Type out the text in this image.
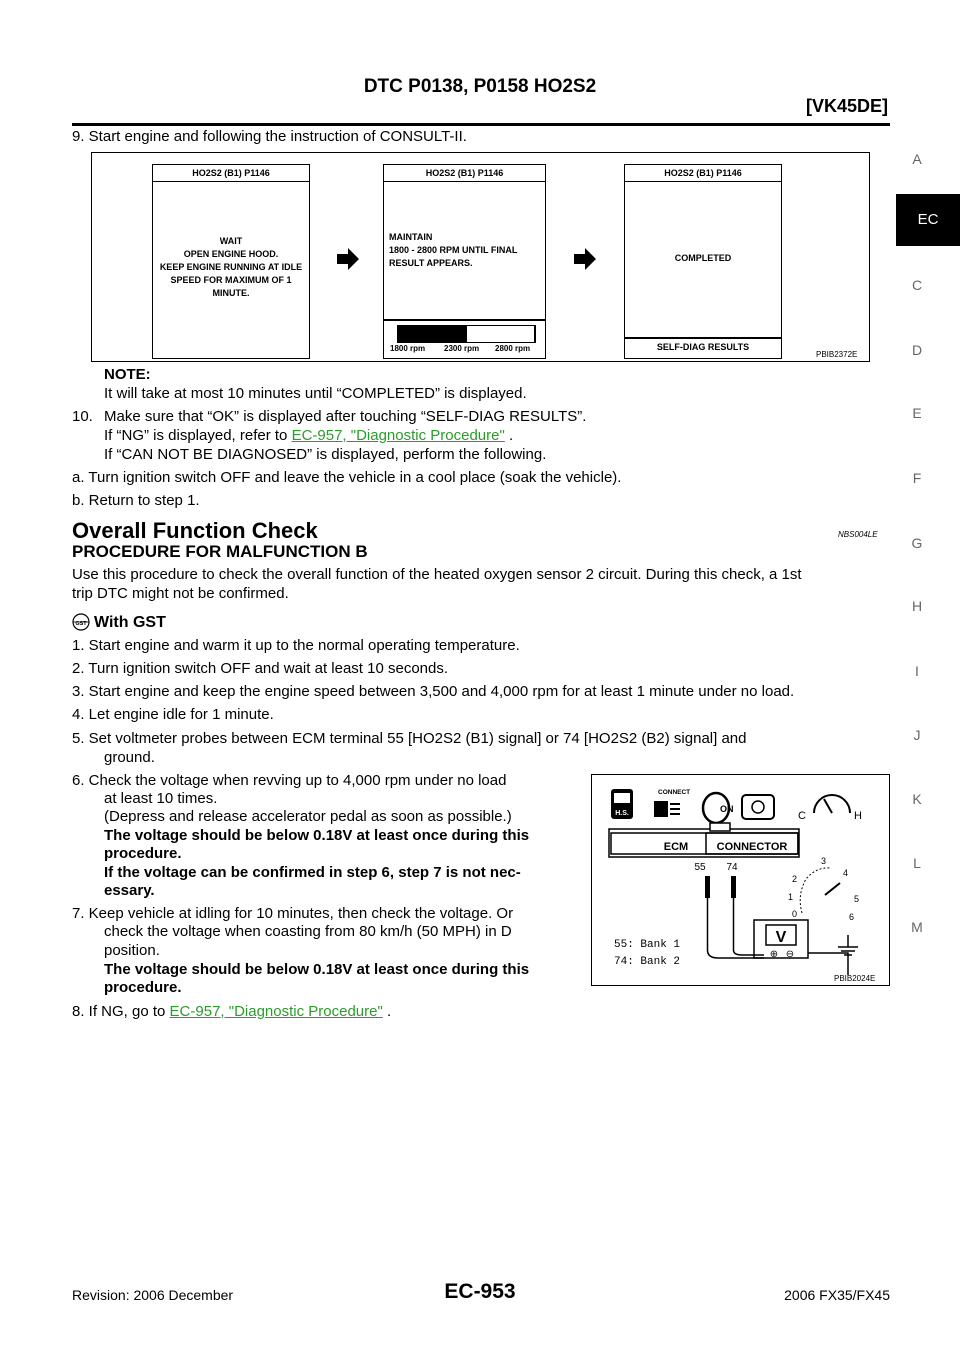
DTC P0138, P0158 HO2S2
[VK45DE]
A
EC
C
D
E
F
G
H
I
J
K
L
M
9. Start engine and following the instruction of CONSULT-II.
HO2S2 (B1) P1146
WAIT
OPEN ENGINE HOOD.
KEEP ENGINE RUNNING AT IDLE
SPEED FOR MAXIMUM OF 1 MINUTE.
HO2S2 (B1) P1146
MAINTAIN
1800 - 2800 RPM UNTIL FINAL
RESULT APPEARS.
1800 rpm 2300 rpm 2800 rpm
HO2S2 (B1) P1146
COMPLETED
SELF-DIAG RESULTS
PBIB2372E
NOTE:
It will take at most 10 minutes until “COMPLETED” is displayed.
10. Make sure that “OK” is displayed after touching “SELF-DIAG RESULTS”.
If “NG” is displayed, refer to EC-957, "Diagnostic Procedure" .
If “CAN NOT BE DIAGNOSED” is displayed, perform the following.
a. Turn ignition switch OFF and leave the vehicle in a cool place (soak the vehicle).
b. Return to step 1.
Overall Function Check	NBS004LE
PROCEDURE FOR MALFUNCTION B
Use this procedure to check the overall function of the heated oxygen sensor 2 circuit. During this check, a 1st
trip DTC might not be confirmed.
GST With GST
1. Start engine and warm it up to the normal operating temperature.
2. Turn ignition switch OFF and wait at least 10 seconds.
3. Start engine and keep the engine speed between 3,500 and 4,000 rpm for at least 1 minute under no load.
4. Let engine idle for 1 minute.
5. Set voltmeter probes between ECM terminal 55 [HO2S2 (B1) signal] or 74 [HO2S2 (B2) signal] and
ground.
6. Check the voltage when revving up to 4,000 rpm under no load
at least 10 times.
(Depress and release accelerator pedal as soon as possible.)
The voltage should be below 0.18V at least once during this
procedure.
If the voltage can be confirmed in step 6, step 7 is not nec-
essary.
7. Keep vehicle at idling for 10 minutes, then check the voltage. Or
check the voltage when coasting from 80 km/h (50 MPH) in D
position.
The voltage should be below 0.18V at least once during this
procedure.
8. If NG, go to EC-957, "Diagnostic Procedure" .
H.S.
CONNECT
ON
C	H
ECM	CONNECTOR
55 74
V
⊕ ⊖
3
4
5
6
2
1
0
55: Bank 1
74: Bank 2
PBIB2024E
Revision: 2006 December	EC-953	2006 FX35/FX45
